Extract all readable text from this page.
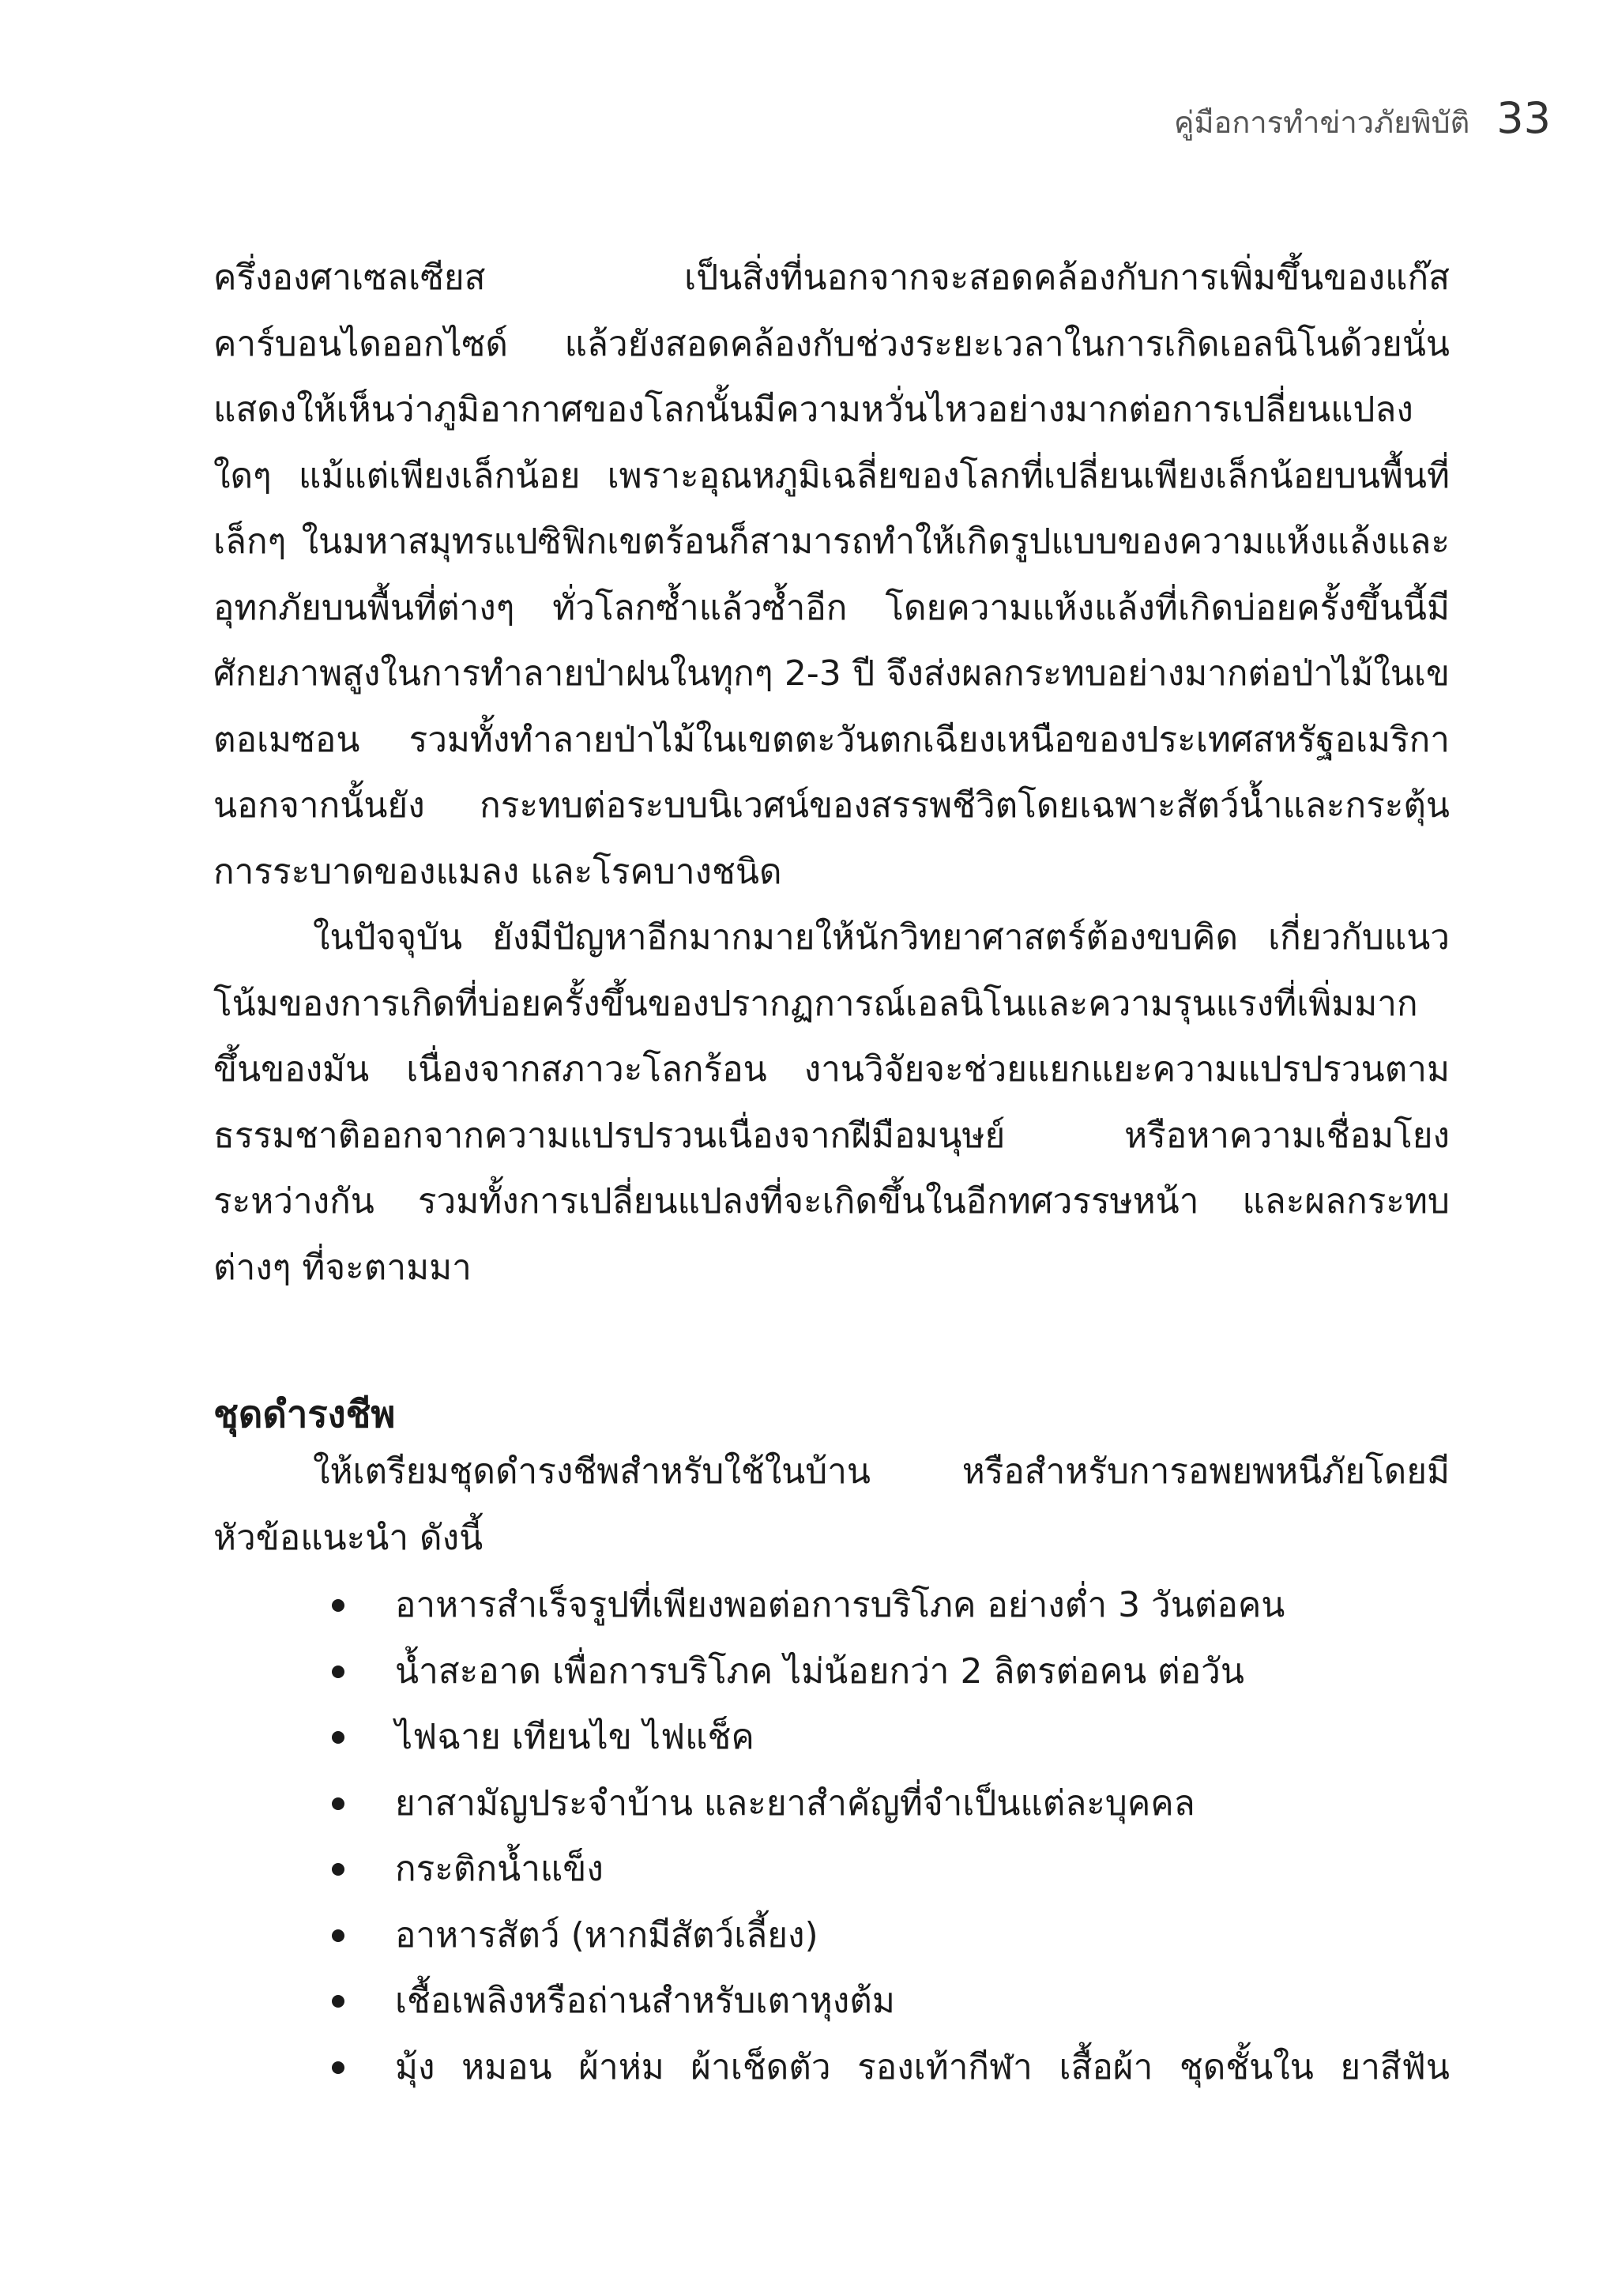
คู่มือการทำข่าวภัยพิบัติ 33

ครึ่งองศาเซลเซียส เป็นสิ่งที่นอกจากจะสอดคล้องกับการเพิ่มขึ้นของแก๊สคาร์บอนไดออกไซด์ แล้วยังสอดคล้องกับช่วงระยะเวลาในการเกิดเอลนิโนด้วยนั่นแสดงให้เห็นว่าภูมิอากาศของโลกนั้นมีความหวั่นไหวอย่างมากต่อการเปลี่ยนแปลงใดๆ แม้แต่เพียงเล็กน้อย เพราะอุณหภูมิเฉลี่ยของโลกที่เปลี่ยนเพียงเล็กน้อยบนพื้นที่เล็กๆ ในมหาสมุทรแปซิฟิกเขตร้อนก็สามารถทำให้เกิดรูปแบบของความแห้งแล้งและอุทกภัยบนพื้นที่ต่างๆ ทั่วโลกซ้ำแล้วซ้ำอีก โดยความแห้งแล้งที่เกิดบ่อยครั้งขึ้นนี้มีศักยภาพสูงในการทำลายป่าฝนในทุกๆ 2-3 ปี จึงส่งผลกระทบอย่างมากต่อป่าไม้ในเขตอเมซอน รวมทั้งทำลายป่าไม้ในเขตตะวันตกเฉียงเหนือของประเทศสหรัฐอเมริกา นอกจากนั้นยัง กระทบต่อระบบนิเวศน์ของสรรพชีวิตโดยเฉพาะสัตว์น้ำและกระตุ้นการระบาดของแมลง และโรคบางชนิด

ในปัจจุบัน ยังมีปัญหาอีกมากมายให้นักวิทยาศาสตร์ต้องขบคิด เกี่ยวกับแนวโน้มของการเกิดที่บ่อยครั้งขึ้นของปรากฏการณ์เอลนิโนและความรุนแรงที่เพิ่มมากขึ้นของมัน เนื่องจากสภาวะโลกร้อน งานวิจัยจะช่วยแยกแยะความแปรปรวนตามธรรมชาติออกจากความแปรปรวนเนื่องจากฝีมือมนุษย์ หรือหาความเชื่อมโยงระหว่างกัน รวมทั้งการเปลี่ยนแปลงที่จะเกิดขึ้นในอีกทศวรรษหน้า และผลกระทบต่างๆ ที่จะตามมา

ชุดดำรงชีพ

ให้เตรียมชุดดำรงชีพสำหรับใช้ในบ้าน หรือสำหรับการอพยพหนีภัยโดยมีหัวข้อแนะนำ ดังนี้

อาหารสำเร็จรูปที่เพียงพอต่อการบริโภค อย่างต่ำ 3 วันต่อคน
น้ำสะอาด เพื่อการบริโภค ไม่น้อยกว่า 2 ลิตรต่อคน ต่อวัน
ไฟฉาย เทียนไข ไฟแช็ค
ยาสามัญประจำบ้าน และยาสำคัญที่จำเป็นแต่ละบุคคล
กระติกน้ำแข็ง
อาหารสัตว์ (หากมีสัตว์เลี้ยง)
เชื้อเพลิงหรือถ่านสำหรับเตาหุงต้ม
มุ้ง หมอน ผ้าห่ม ผ้าเช็ดตัว รองเท้ากีฬา เสื้อผ้า ชุดชั้นใน ยาสีฟัน
